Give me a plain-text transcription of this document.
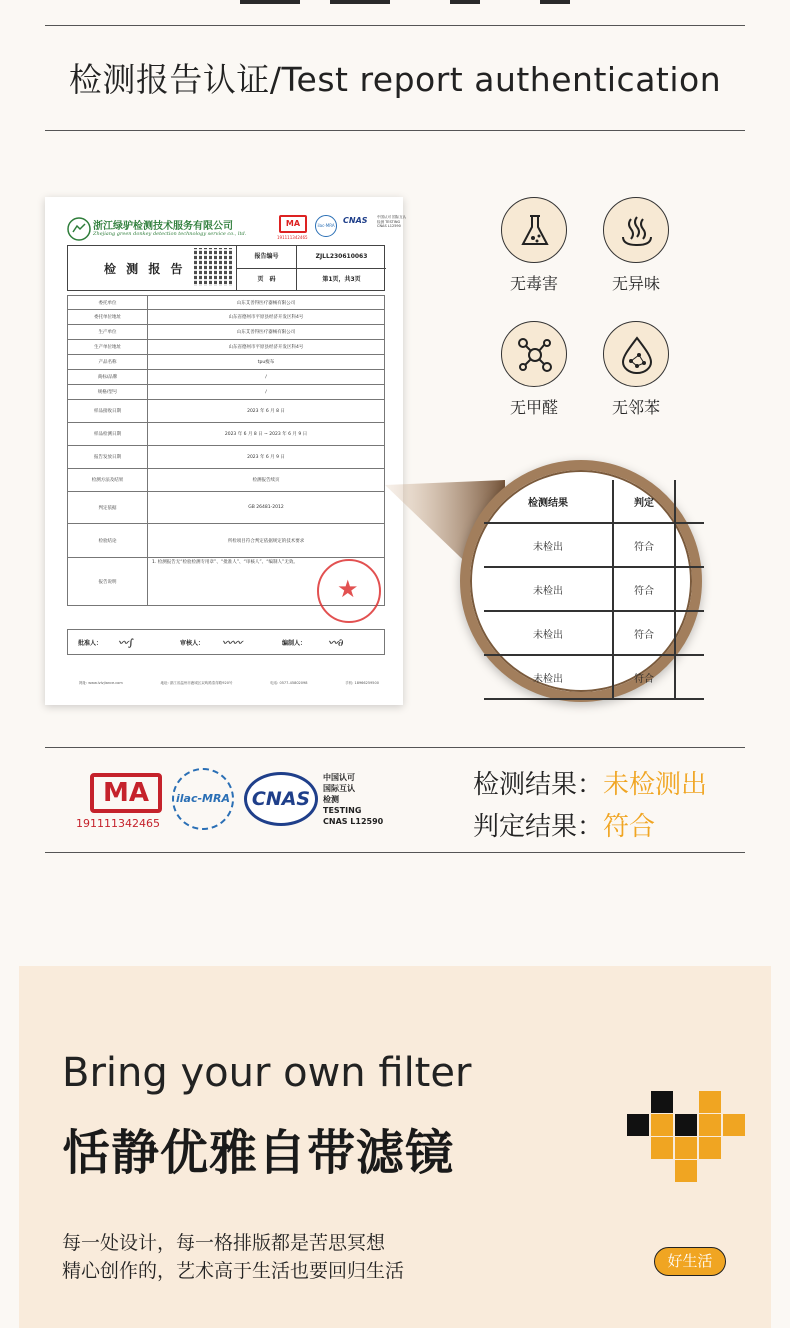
检测报告认证/Test report authentication
浙江绿驴检测技术服务有限公司
Zhejiang green donkey detection technology service co., ltd.
MA
191111342465
ilac-MRA
CNAS	中国认可 国际互认 检测 TESTING CNAS L12590
检 测 报 告
报告编号	ZJLL230610063
页　码	第1页，共3页
委托单位	山东艾善得医疗器械有限公司
委托单位地址	山东省德州市平原县经济开发区科4号
生产单位	山东艾善得医疗器械有限公司
生产单位地址	山东省德州市平原县经济开发区科4号
产品名称	tpu瘦布
商标/品牌	/
规格/型号	/
样品接收日期	2023 年 6 月 8 日
样品检测日期	2023 年 6 月 8 日 ~ 2023 年 6 月 9 日
报告发放日期	2023 年 6 月 9 日
检测方法及结果	检测报告续页
判定依据	GB 26481-2012
检验结论	所检项目符合判定依据规定的技术要求
报告说明
1. 检测报告无“检验检测专用章”、“批准人”、“审核人”、“编制人”无效。
★
批准人： 〰∫	审核人： 〰〰	编制人： 〰∂
网址: www.lvlvjiance.com	地址: 浙江省温州市鹿城区双屿路泰得路920号	电话: 0577-45802098	手机: 18966259500
检测结果	判定
未检出	符合
未检出	符合
未检出	符合
未检出	符合
无毒害	无异味
无甲醛	无邻苯
MA
191111342465
ilac-MRA	CNAS
中国认可
国际互认
检测
TESTING
CNAS L12590
检测结果：未检测出
判定结果：符合
Bring your own filter
恬静优雅自带滤镜
每一处设计，每一格排版都是苦思冥想
精心创作的，艺术高于生活也要回归生活	好生活
